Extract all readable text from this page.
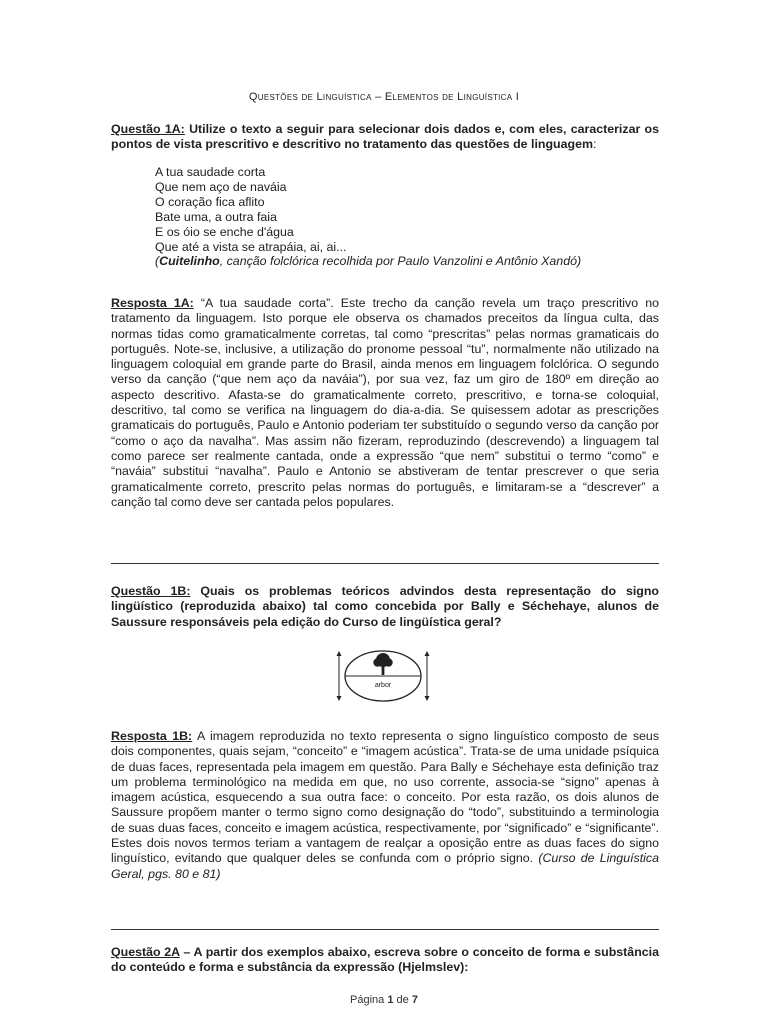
Questões de Linguística – Elementos de Linguística I
Questão 1A: Utilize o texto a seguir para selecionar dois dados e, com eles, caracterizar os pontos de vista prescritivo e descritivo no tratamento das questões de linguagem:
A tua saudade corta
Que nem aço de naváia
O coração fica aflito
Bate uma, a outra faia
E os óio se enche d'água
Que até a vista se atrapáia, ai, ai...
(Cuitelinho, canção folclórica recolhida por Paulo Vanzolini e Antônio Xandó)
Resposta 1A: “A tua saudade corta”. Este trecho da canção revela um traço prescritivo no tratamento da linguagem. Isto porque ele observa os chamados preceitos da língua culta, das normas tidas como gramaticalmente corretas, tal como “prescritas” pelas normas gramaticais do português. Note-se, inclusive, a utilização do pronome pessoal “tu”, normalmente não utilizado na linguagem coloquial em grande parte do Brasil, ainda menos em linguagem folclórica. O segundo verso da canção (“que nem aço da naváia”), por sua vez, faz um giro de 180º em direção ao aspecto descritivo. Afasta-se do gramaticalmente correto, prescritivo, e torna-se coloquial, descritivo, tal como se verifica na linguagem do dia-a-dia. Se quisessem adotar as prescrições gramaticais do português, Paulo e Antonio poderiam ter substituído o segundo verso da canção por “como o aço da navalha”. Mas assim não fizeram, reproduzindo (descrevendo) a linguagem tal como parece ser realmente cantada, onde a expressão “que nem” substitui o termo “como” e “naváia” substitui “navalha”. Paulo e Antonio se abstiveram de tentar prescrever o que seria gramaticalmente correto, prescrito pelas normas do português, e limitaram-se a “descrever” a canção tal como deve ser cantada pelos populares.
Questão 1B: Quais os problemas teóricos advindos desta representação do signo lingüístico (reproduzida abaixo) tal como concebida por Bally e Séchehaye, alunos de Saussure responsáveis pela edição do Curso de lingüística geral?
arbor
Resposta 1B: A imagem reproduzida no texto representa o signo linguístico composto de seus dois componentes, quais sejam, “conceito” e “imagem acústica”. Trata-se de uma unidade psíquica de duas faces, representada pela imagem em questão. Para Bally e Séchehaye esta definição traz um problema terminológico na medida em que, no uso corrente, associa-se “signo” apenas à imagem acústica, esquecendo a sua outra face: o conceito. Por esta razão, os dois alunos de Saussure propõem manter o termo signo como designação do “todo”, substituindo a terminologia de suas duas faces, conceito e imagem acústica, respectivamente, por “significado” e “significante”. Estes dois novos termos teriam a vantagem de realçar a oposição entre as duas faces do signo linguístico, evitando que qualquer deles se confunda com o próprio signo. (Curso de Linguística Geral, pgs. 80 e 81)
Questão 2A – A partir dos exemplos abaixo, escreva sobre o conceito de forma e substância do conteúdo e forma e substância da expressão (Hjelmslev):
Página 1 de 7
